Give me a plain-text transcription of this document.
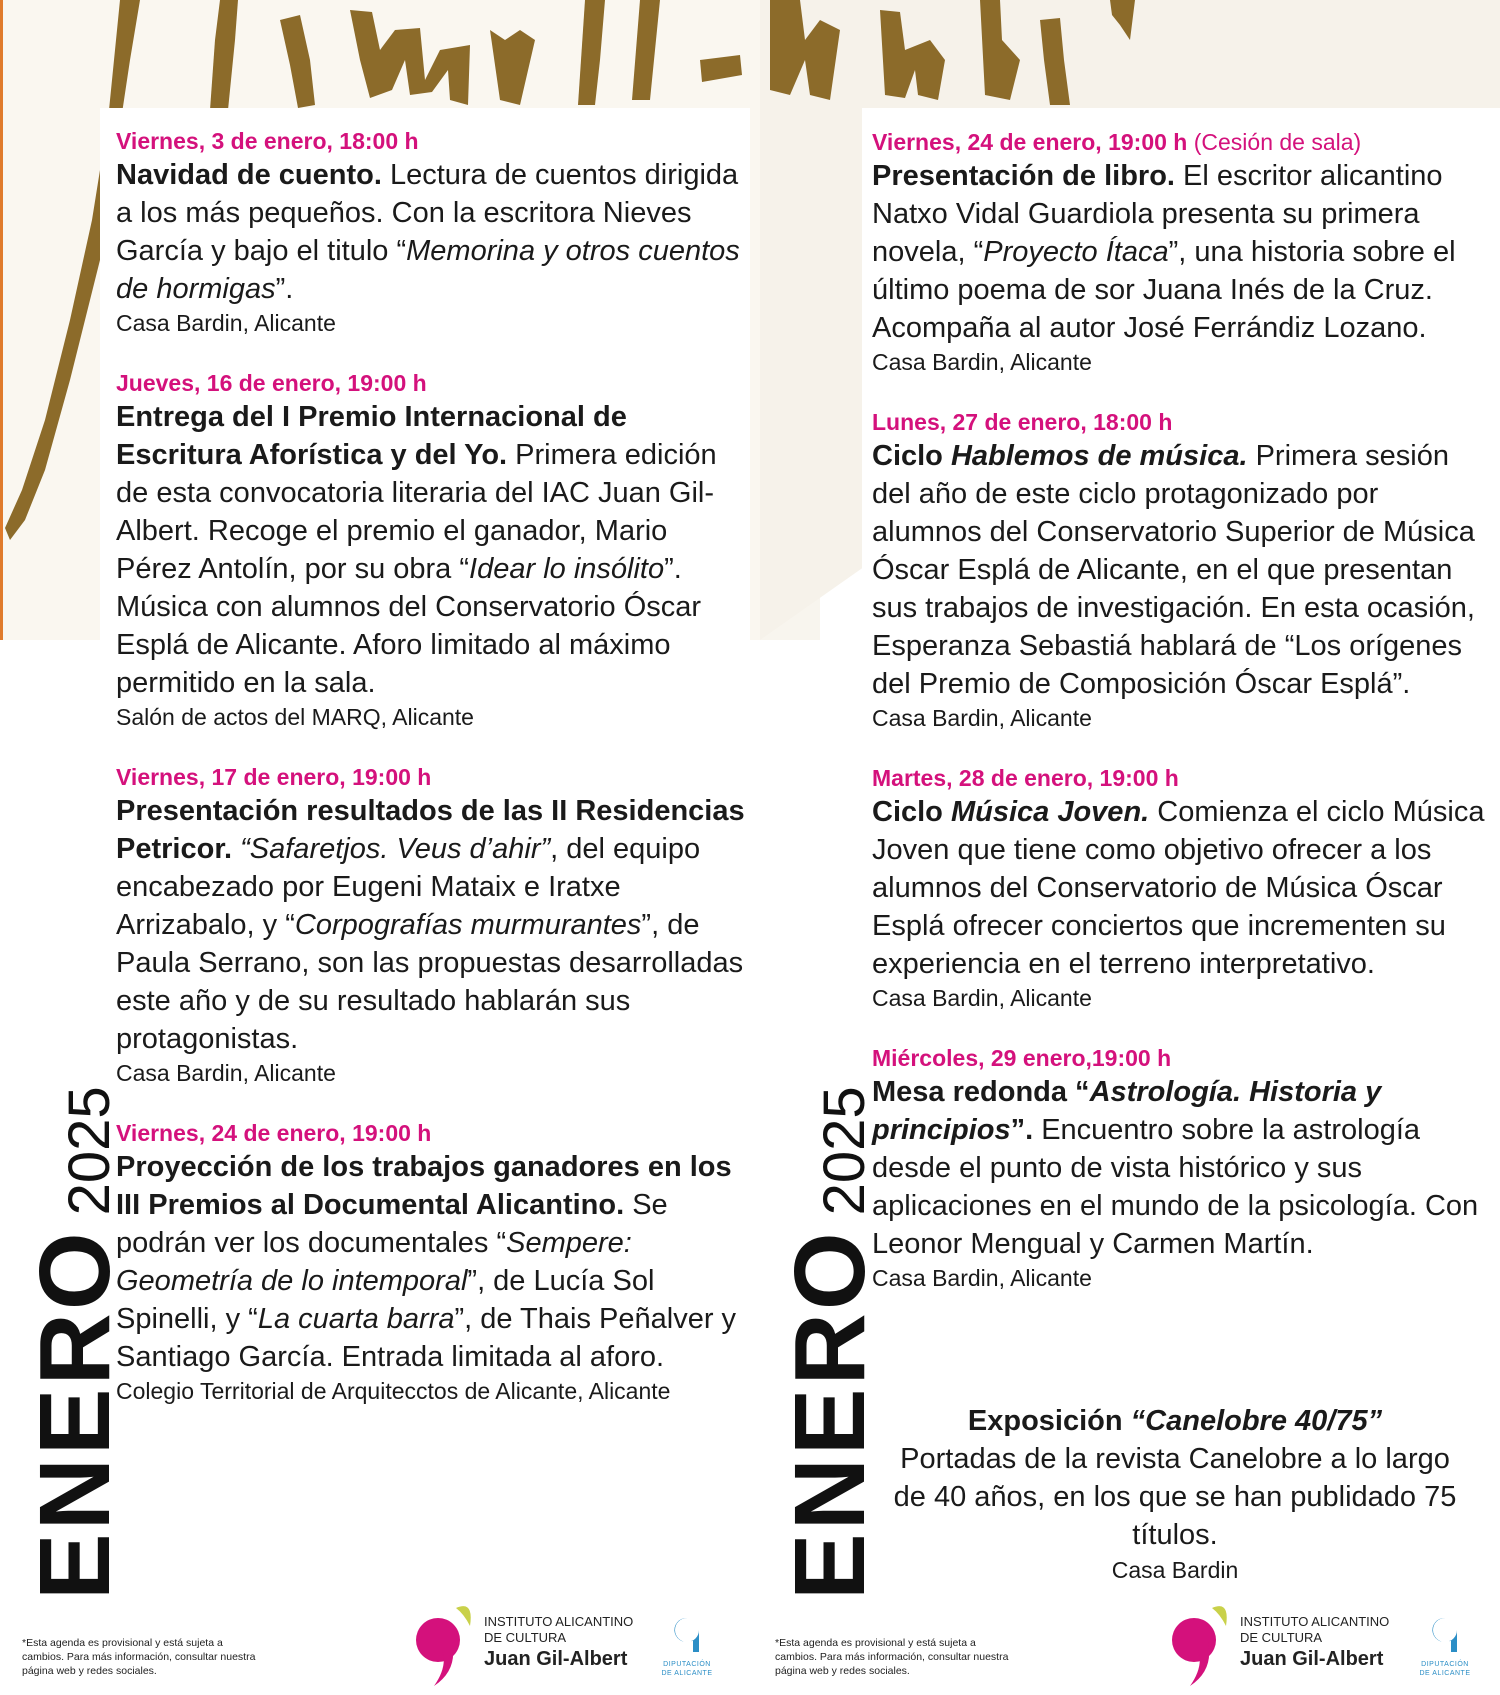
ENERO2025
ENERO2025
Viernes, 3 de enero, 18:00 h
Navidad de cuento. Lectura de cuentos dirigida a los más pequeños. Con la escritora Nieves García y bajo el titulo “Memorina y otros cuentos de hormigas”.
Casa Bardin, Alicante
Jueves, 16 de enero, 19:00 h
Entrega del I Premio Internacional de Escritura Aforística y del Yo. Primera edición de esta convocatoria literaria del IAC Juan Gil-Albert. Recoge el premio el ganador, Mario Pérez Antolín, por su obra “Idear lo insólito”. Música con alumnos del Conservatorio Óscar Esplá de Alicante. Aforo limitado al máximo permitido en la sala.
Salón de actos del MARQ, Alicante
Viernes, 17 de enero, 19:00 h
Presentación resultados de las II Residencias Petricor. “Safaretjos. Veus d’ahir”, del equipo encabezado por Eugeni Mataix e Iratxe Arrizabalo, y “Corpografías murmurantes”, de Paula Serrano, son las propuestas desarrolladas este año y de su resultado hablarán sus protagonistas.
Casa Bardin, Alicante
Viernes, 24 de enero, 19:00 h
Proyección de los trabajos ganadores en los III Premios al Documental Alicantino. Se podrán ver los documentales “Sempere: Geometría de lo intemporal”, de Lucía Sol Spinelli, y “La cuarta barra”, de Thais Peñalver y Santiago García. Entrada limitada al aforo.
Colegio Territorial de Arquitecctos de Alicante, Alicante
Viernes, 24 de enero, 19:00 h (Cesión de sala)
Presentación de libro. El escritor alicantino Natxo Vidal Guardiola presenta su primera novela, “Proyecto Ítaca”, una historia sobre el último poema de sor Juana Inés de la Cruz. Acompaña al autor José Ferrándiz Lozano.
Casa Bardin, Alicante
Lunes, 27 de enero, 18:00 h
Ciclo Hablemos de música. Primera sesión del año de este ciclo protagonizado por alumnos del Conservatorio Superior de Música Óscar Esplá de Alicante, en el que presentan sus trabajos de investigación. En esta ocasión, Esperanza Sebastiá hablará de “Los orígenes del Premio de Composición Óscar Esplá”.
Casa Bardin, Alicante
Martes, 28 de enero, 19:00 h
Ciclo Música Joven. Comienza el ciclo Música Joven que tiene como objetivo ofrecer a los alumnos del Conservatorio de Música Óscar Esplá ofrecer conciertos que incrementen su experiencia en el terreno interpretativo.
Casa Bardin, Alicante
Miércoles, 29 enero,19:00 h
Mesa redonda “Astrología. Historia y principios”. Encuentro sobre la astrología desde el punto de vista histórico y sus aplicaciones en el mundo de la psicología. Con Leonor Mengual y Carmen Martín.
Casa Bardin, Alicante
Exposición “Canelobre 40/75”
Portadas de la revista Canelobre a lo largo de 40 años, en los que se han publidado 75 títulos.
Casa Bardin
*Esta agenda es provisional y está sujeta a cambios. Para más información, consultar nuestra página web y redes sociales.
INSTITUTO ALICANTINO
DE CULTURA
Juan Gil-Albert	DIPUTACIÓN
DE ALICANTE
*Esta agenda es provisional y está sujeta a cambios. Para más información, consultar nuestra página web y redes sociales.
INSTITUTO ALICANTINO
DE CULTURA
Juan Gil-Albert	DIPUTACIÓN
DE ALICANTE
